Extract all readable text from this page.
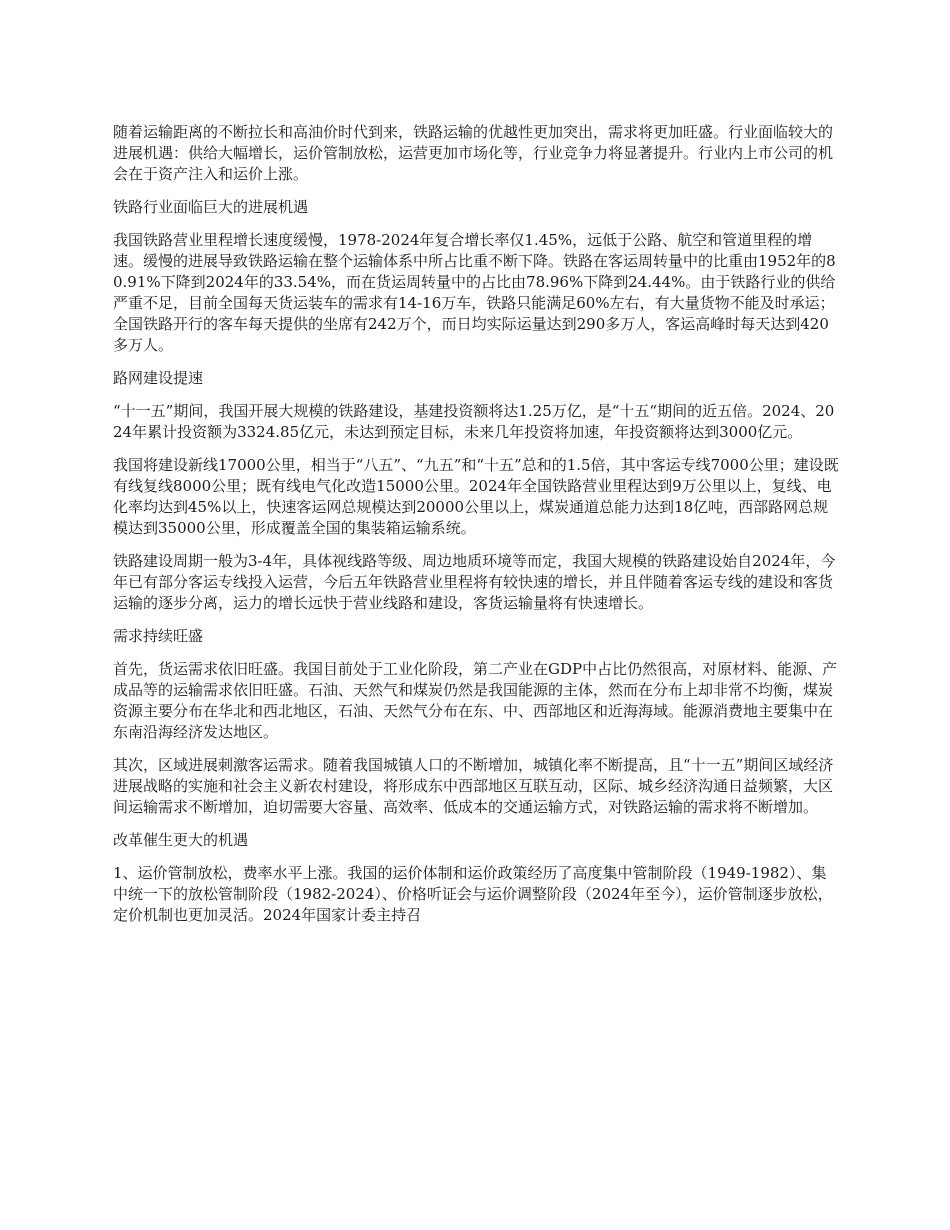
随着运输距离的不断拉长和高油价时代到来，铁路运输的优越性更加突出，需求将更加旺盛。行业面临较大的进展机遇：供给大幅增长，运价管制放松，运营更加市场化等，行业竞争力将显著提升。行业内上市公司的机会在于资产注入和运价上涨。

铁路行业面临巨大的进展机遇

我国铁路营业里程增长速度缓慢，1978-2024年复合增长率仅1.45%，远低于公路、航空和管道里程的增速。缓慢的进展导致铁路运输在整个运输体系中所占比重不断下降。铁路在客运周转量中的比重由1952年的80.91%下降到2024年的33.54%，而在货运周转量中的占比由78.96%下降到24.44%。由于铁路行业的供给严重不足，目前全国每天货运装车的需求有14-16万车，铁路只能满足60%左右，有大量货物不能及时承运；全国铁路开行的客车每天提供的坐席有242万个，而日均实际运量达到290多万人，客运高峰时每天达到420多万人。

路网建设提速

“十一五”期间，我国开展大规模的铁路建设，基建投资额将达1.25万亿，是“十五“期间的近五倍。2024、2024年累计投资额为3324.85亿元，未达到预定目标，未来几年投资将加速，年投资额将达到3000亿元。

我国将建设新线17000公里，相当于“八五”、“九五”和“十五”总和的1.5倍，其中客运专线7000公里；建设既有线复线8000公里；既有线电气化改造15000公里。2024年全国铁路营业里程达到9万公里以上，复线、电化率均达到45%以上，快速客运网总规模达到20000公里以上，煤炭通道总能力达到18亿吨，西部路网总规模达到35000公里，形成覆盖全国的集装箱运输系统。

铁路建设周期一般为3-4年，具体视线路等级、周边地质环境等而定，我国大规模的铁路建设始自2024年，今年已有部分客运专线投入运营，今后五年铁路营业里程将有较快速的增长，并且伴随着客运专线的建设和客货运输的逐步分离，运力的增长远快于营业线路和建设，客货运输量将有快速增长。

需求持续旺盛

首先，货运需求依旧旺盛。我国目前处于工业化阶段，第二产业在GDP中占比仍然很高，对原材料、能源、产成品等的运输需求依旧旺盛。石油、天然气和煤炭仍然是我国能源的主体，然而在分布上却非常不均衡，煤炭资源主要分布在华北和西北地区，石油、天然气分布在东、中、西部地区和近海海域。能源消费地主要集中在东南沿海经济发达地区。

其次，区域进展刺激客运需求。随着我国城镇人口的不断增加，城镇化率不断提高，且“十一五”期间区域经济进展战略的实施和社会主义新农村建设，将形成东中西部地区互联互动，区际、城乡经济沟通日益频繁，大区间运输需求不断增加，迫切需要大容量、高效率、低成本的交通运输方式，对铁路运输的需求将不断增加。

改革催生更大的机遇

1、运价管制放松，费率水平上涨。我国的运价体制和运价政策经历了高度集中管制阶段（1949-1982）、集中统一下的放松管制阶段（1982-2024）、价格听证会与运价调整阶段（2024年至今），运价管制逐步放松，定价机制也更加灵活。2024年国家计委主持召
